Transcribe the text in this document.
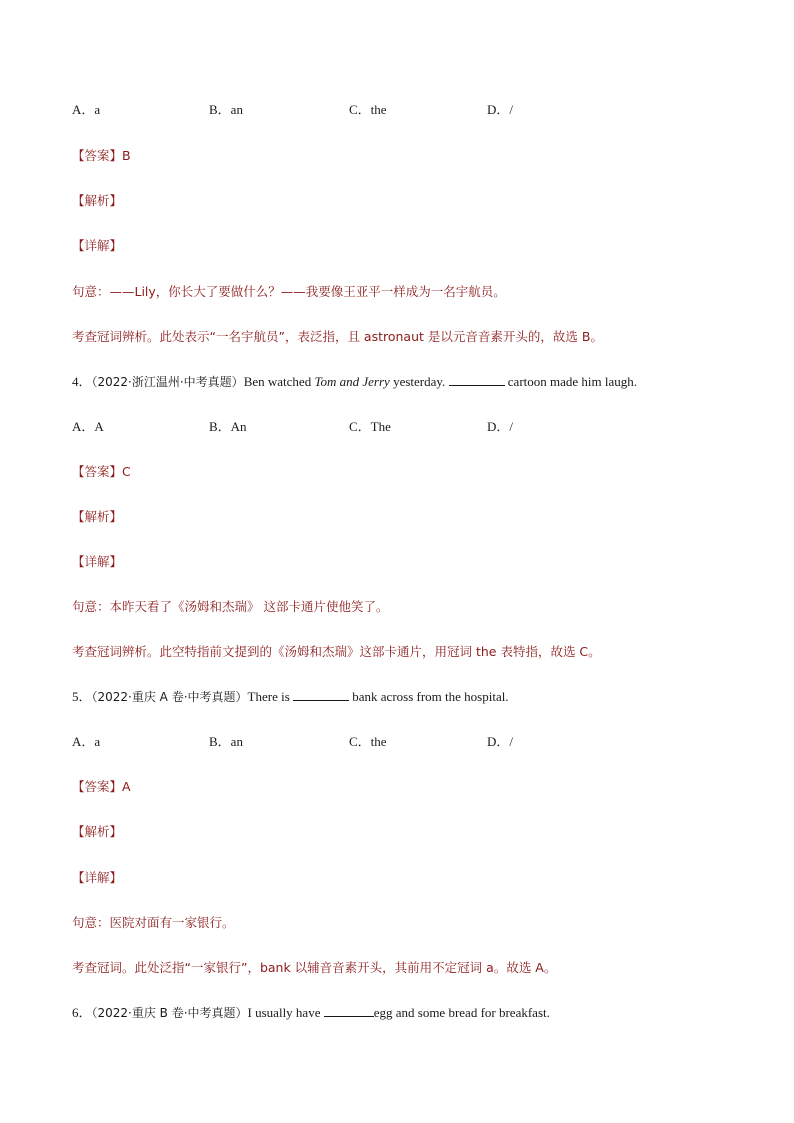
A．a	B．an	C．the	D．/
【答案】B
【解析】
【详解】
句意：——Lily，你长大了要做什么？——我要像王亚平一样成为一名宇航员。
考查冠词辨析。此处表示“一名宇航员”，表泛指，且 astronaut 是以元音音素开头的，故选 B。
4．（2022·浙江温州·中考真题）Ben watched Tom and Jerry yesterday.	cartoon made him laugh.
A．A	B．An	C．The	D．/
【答案】C
【解析】
【详解】
句意：本昨天看了《汤姆和杰瑞》 这部卡通片使他笑了。
考查冠词辨析。此空特指前文提到的《汤姆和杰瑞》这部卡通片，用冠词 the 表特指，故选 C。
5．（2022·重庆 A 卷·中考真题）There is	bank across from the hospital.
A．a	B．an	C．the	D．/
【答案】A
【解析】
【详解】
句意：医院对面有一家银行。
考查冠词。此处泛指“一家银行”，bank 以辅音音素开头，其前用不定冠词 a。故选 A。
6．（2022·重庆 B 卷·中考真题）I usually have	egg and some bread for breakfast.
